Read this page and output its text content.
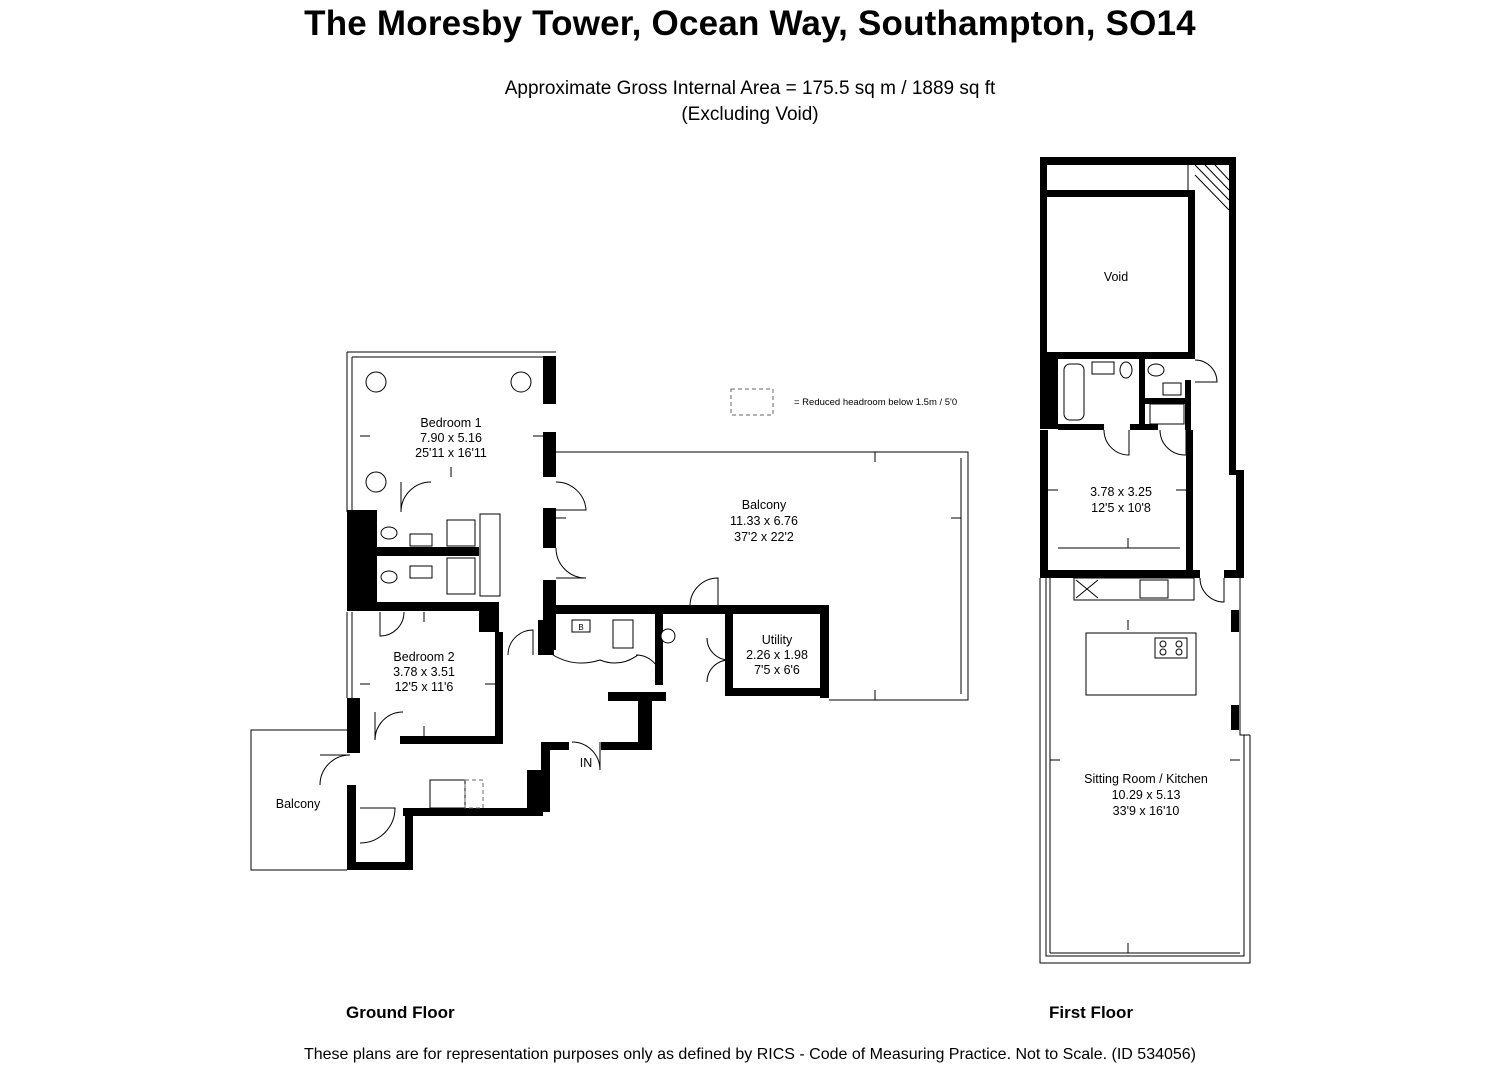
The Moresby Tower, Ocean Way, Southampton, SO14
Approximate Gross Internal Area = 175.5 sq m / 1889 sq ft
(Excluding Void)
= Reduced headroom below 1.5m / 5'0
Bedroom 1
7.90 x 5.16
25'11 x 16'11
Balcony
11.33 x 6.76
37'2 x 22'2
Utility
2.26 x 1.98
7'5 x 6'6
Bedroom 2
3.78 x 3.51
12'5 x 11'6
Balcony
IN
B
Void
3.78 x 3.25
12'5 x 10'8
Sitting Room / Kitchen
10.29 x 5.13
33'9 x 16'10
Ground Floor	First Floor
These plans are for representation purposes only as defined by RICS - Code of Measuring Practice. Not to Scale. (ID 534056)
